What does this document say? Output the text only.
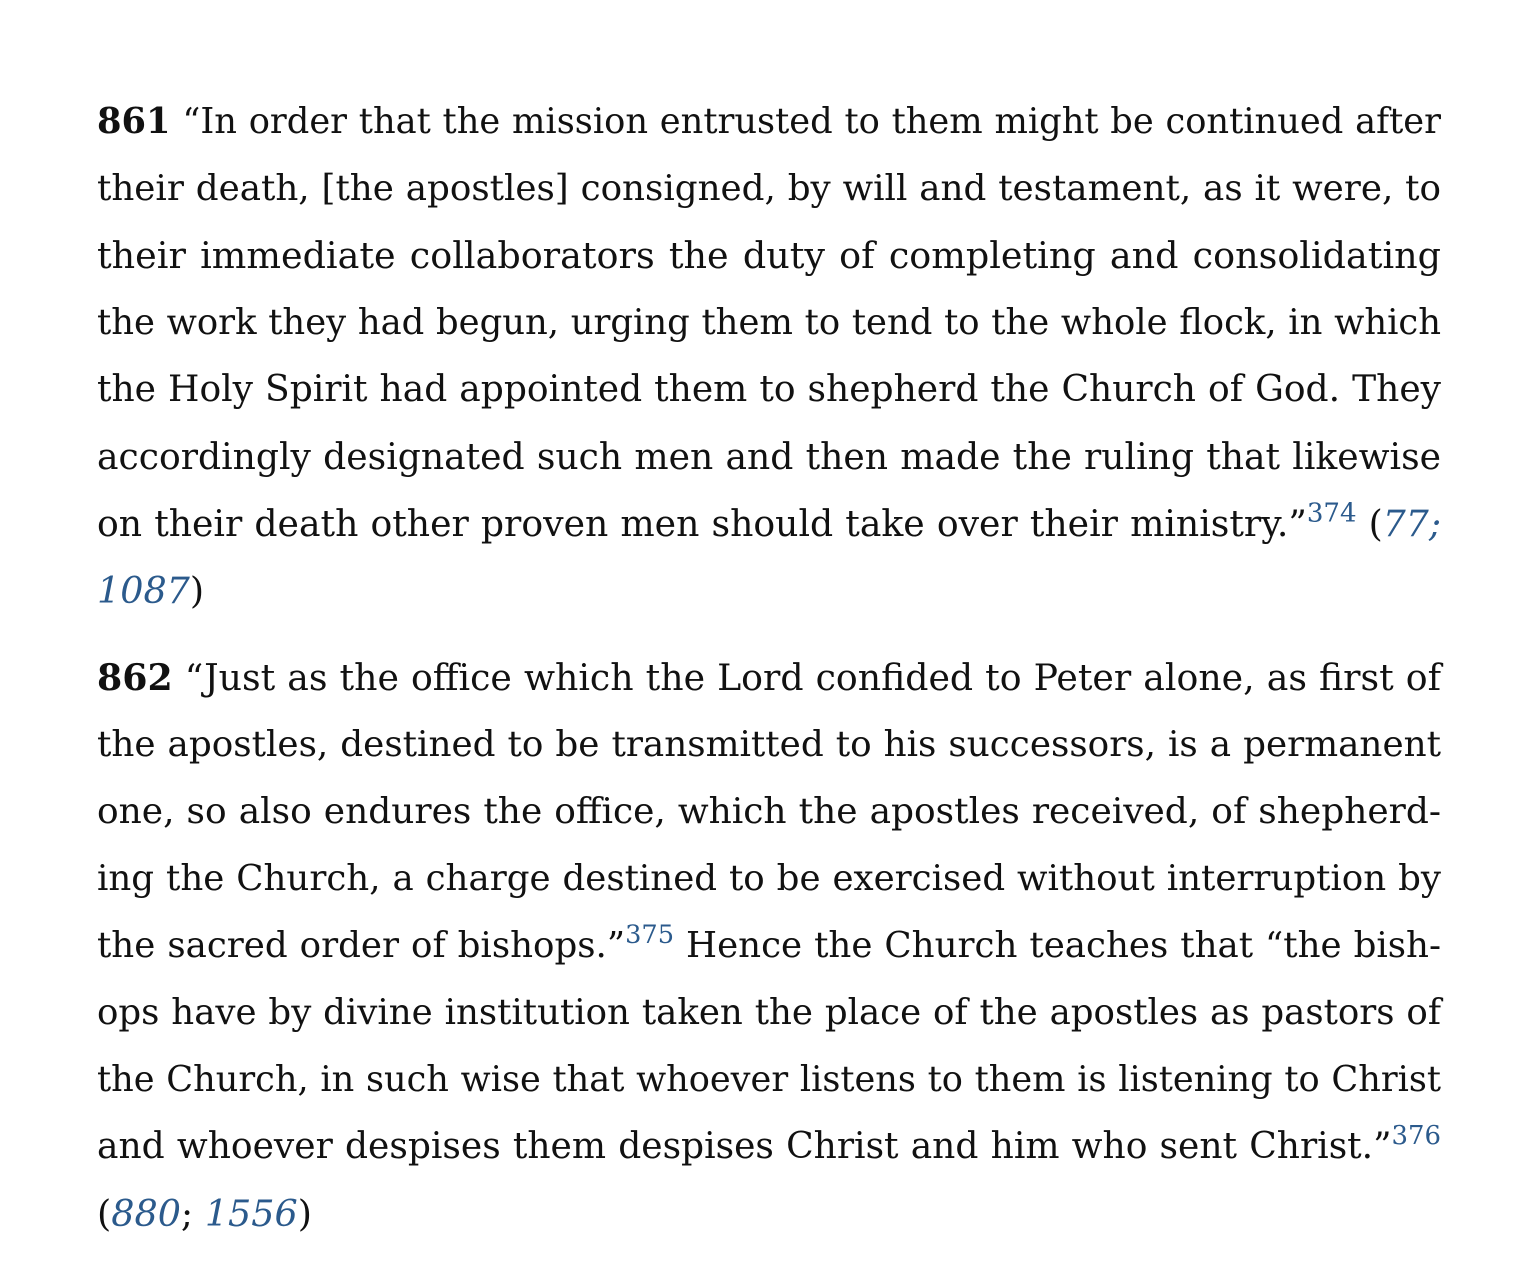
861 “In order that the mission entrusted to them might be continued after
their death, [the apostles] consigned, by will and testament, as it were, to
their immediate collaborators the duty of completing and consolidating
the work they had begun, urging them to tend to the whole flock, in which
the Holy Spirit had appointed them to shepherd the Church of God. They
accordingly designated such men and then made the ruling that likewise
on their death other proven men should take over their ministry.”$^{374}$ (77;
1087)
862 “Just as the office which the Lord confided to Peter alone, as first of
the apostles, destined to be transmitted to his successors, is a permanent
one, so also endures the office, which the apostles received, of shepherd-
ing the Church, a charge destined to be exercised without interruption by
the sacred order of bishops.”$^{375}$ Hence the Church teaches that “the bish-
ops have by divine institution taken the place of the apostles as pastors of
the Church, in such wise that whoever listens to them is listening to Christ
and whoever despises them despises Christ and him who sent Christ.”$^{376}$
(880; 1556)
